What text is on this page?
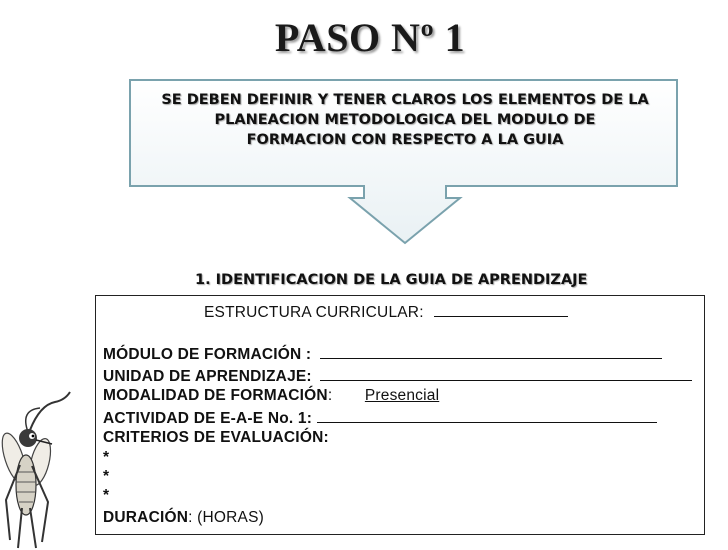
PASO Nº 1
SE DEBEN DEFINIR Y TENER CLAROS LOS ELEMENTOS DE LA
PLANEACION METODOLOGICA DEL MODULO DE
FORMACION CON RESPECTO A LA GUIA
1. IDENTIFICACION DE LA GUIA DE APRENDIZAJE
ESTRUCTURA CURRICULAR:
MÓDULO DE FORMACIÓN :
UNIDAD DE APRENDIZAJE:
MODALIDAD DE FORMACIÓN: Presencial
ACTIVIDAD DE E-A-E No. 1:
CRITERIOS DE EVALUACIÓN:
*
*
*
DURACIÓN: (HORAS)
